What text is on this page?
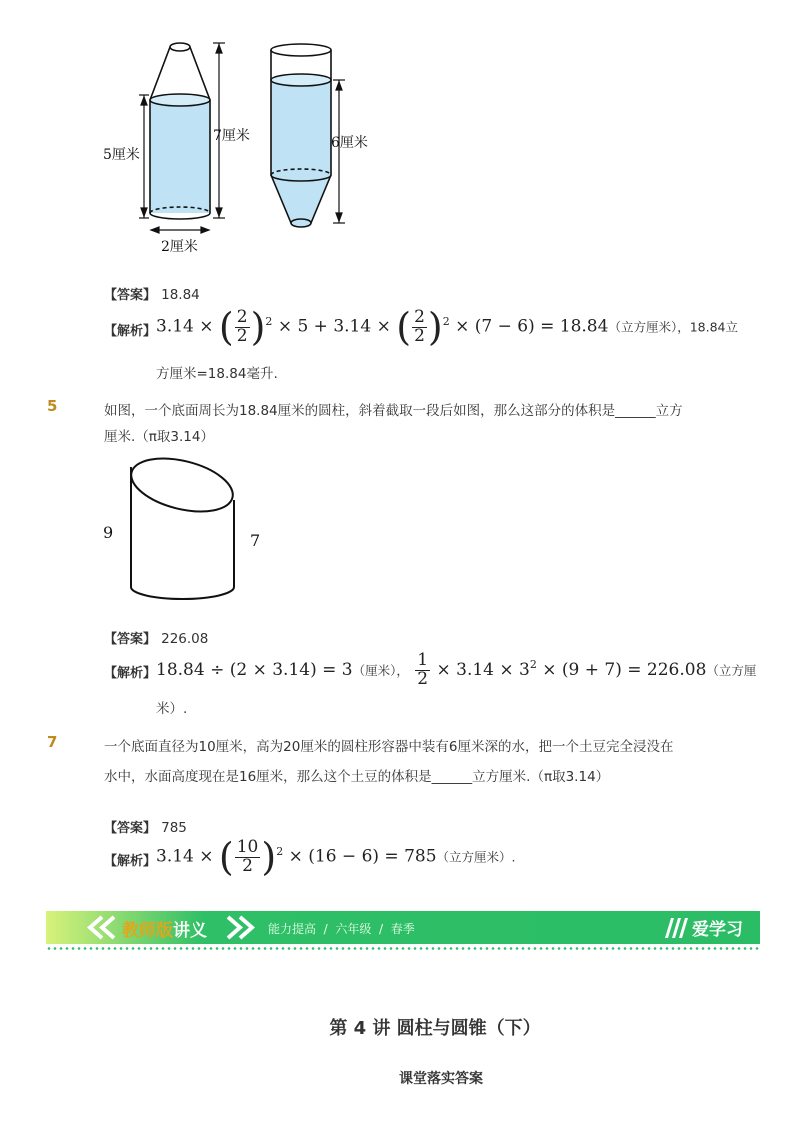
5厘米
7厘米
2厘米
6厘米
【答案】 18.84
【解析】 3.14 × ( $\frac{2}{2} )^2 \times 5 + 3.14$ × ( $\frac{2}{2} )^2 \times (7 - 6) = 18.84$（立方厘米），18.84立
方厘米=18.84毫升.
5	如图，一个底面周长为18.84厘米的圆柱，斜着截取一段后如图，那么这部分的体积是______立方
厘米.（π取3.14）
9	7
【答案】 226.08
【解析】 18.84 ÷ (2 × 3.14) = 3（厘米）， $\frac{1}{2} \times 3.14 \times 3^2 \times (9 + 7) = 226.08$（立方厘
米）.
7	一个底面直径为10厘米，高为20厘米的圆柱形容器中装有6厘米深的水，把一个土豆完全浸没在
水中，水面高度现在是16厘米，那么这个土豆的体积是______立方厘米.（π取3.14）
【答案】 785
【解析】 3.14 × ( $\frac{10}{2} )^2 \times (16 - 6) = 785$（立方厘米）.
教师版讲义	能力提高 / 六年级 / 春季	爱学习
第 4 讲 圆柱与圆锥（下）
课堂落实答案
